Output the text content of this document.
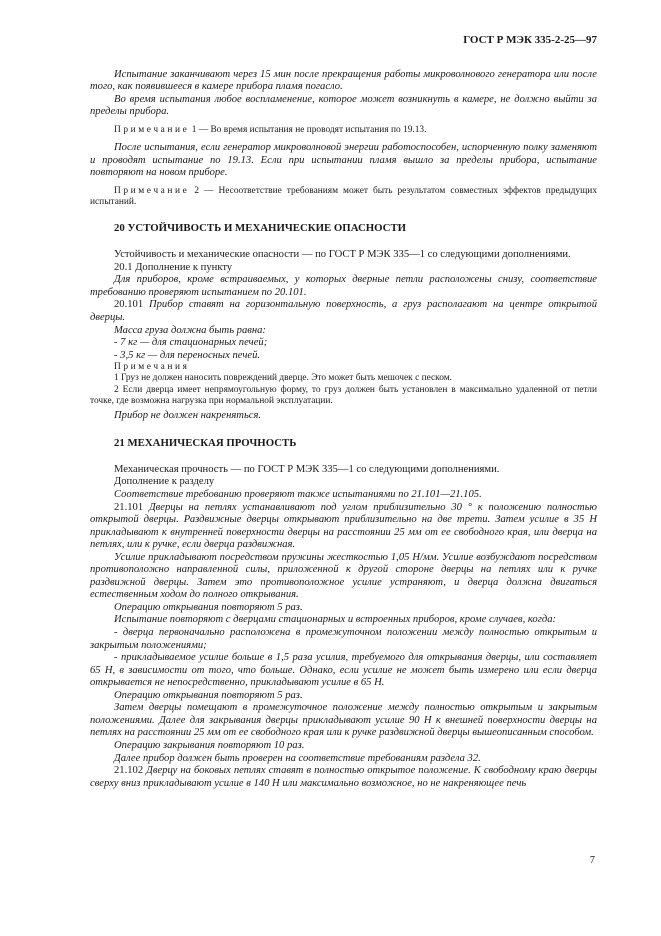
ГОСТ Р МЭК 335-2-25—97

Испытание заканчивают через 15 мин после прекращения работы микроволнового генератора или после того, как появившееся в камере прибора пламя погасло.

Во время испытания любое воспламенение, которое может возникнуть в камере, не должно выйти за пределы прибора.

Примечание 1 — Во время испытания не проводят испытания по 19.13.

После испытания, если генератор микроволновой энергии работоспособен, испорченную полку заменяют и проводят испытание по 19.13. Если при испытании пламя вышло за пределы прибора, испытание повторяют на новом приборе.

Примечание 2 — Несоответствие требованиям может быть результатом совместных эффектов предыдущих испытаний.

20 УСТОЙЧИВОСТЬ И МЕХАНИЧЕСКИЕ ОПАСНОСТИ

Устойчивость и механические опасности — по ГОСТ Р МЭК 335—1 со следующими дополнениями.

20.1 Дополнение к пункту

Для приборов, кроме встраиваемых, у которых дверные петли расположены снизу, соответствие требованию проверяют испытанием по 20.101.

20.101 Прибор ставят на горизонтальную поверхность, а груз располагают на центре открытой дверцы.

Масса груза должна быть равна:

- 7 кг — для стационарных печей;

- 3,5 кг — для переносных печей.

Примечания

1 Груз не должен наносить повреждений дверце. Это может быть мешочек с песком.

2 Если дверца имеет непрямоугольную форму, то груз должен быть установлен в максимально удаленной от петли точке, где возможна нагрузка при нормальной эксплуатации.

Прибор не должен накреняться.

21 МЕХАНИЧЕСКАЯ ПРОЧНОСТЬ

Механическая прочность — по ГОСТ Р МЭК 335—1 со следующими дополнениями.

Дополнение к разделу

Соответствие требованию проверяют также испытаниями по 21.101—21.105.

21.101 Дверцы на петлях устанавливают под углом приблизительно 30 ° к положению полностью открытой дверцы. Раздвижные дверцы открывают приблизительно на две трети. Затем усилие в 35 Н прикладывают к внутренней поверхности дверцы на расстоянии 25 мм от ее свободного края, или дверца на петлях, или к ручке, если дверца раздвижная.

Усилие прикладывают посредством пружины жесткостью 1,05 Н/мм. Усилие возбуждают посредством противоположно направленной силы, приложенной к другой стороне дверцы на петлях или к ручке раздвижной дверцы. Затем это противоположное усилие устраняют, и дверца должна двигаться естественным ходом до полного открывания.

Операцию открывания повторяют 5 раз.

Испытание повторяют с дверцами стационарных и встроенных приборов, кроме случаев, когда:

- дверца первоначально расположена в промежуточном положении между полностью открытым и закрытым положениями;

- прикладываемое усилие больше в 1,5 раза усилия, требуемого для открывания дверцы, или составляет 65 Н, в зависимости от того, что больше. Однако, если усилие не может быть измерено или если дверца открывается не непосредственно, прикладывают усилие в 65 Н.

Операцию открывания повторяют 5 раз.

Затем дверцы помещают в промежуточное положение между полностью открытым и закрытым положениями. Далее для закрывания дверцы прикладывают усилие 90 Н к внешней поверхности дверцы на петлях на расстоянии 25 мм от ее свободного края или к ручке раздвижной дверцы вышеописанным способом.

Операцию закрывания повторяют 10 раз.

Далее прибор должен быть проверен на соответствие требованиям раздела 32.

21.102 Дверцу на боковых петлях ставят в полностью открытое положение. К свободному краю дверцы сверху вниз прикладывают усилие в 140 Н или максимально возможное, но не накреняющее печь

7
